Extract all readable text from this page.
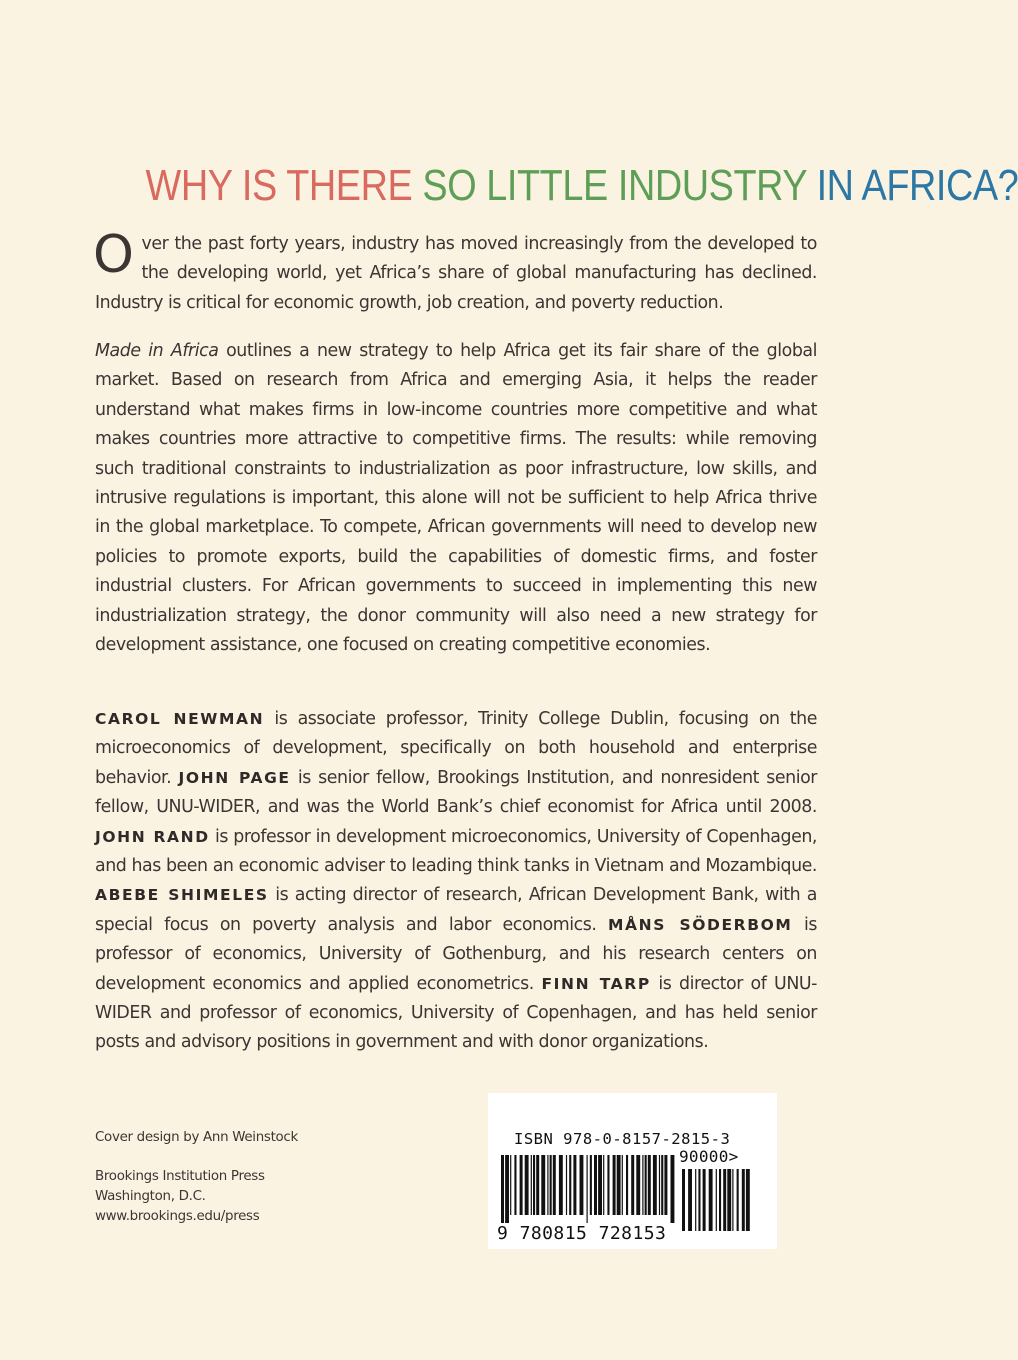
WHY IS THERE SO LITTLE INDUSTRY IN AFRICA?
Over the past forty years, industry has moved increasingly from the developed to the developing world, yet Africa’s share of global manufacturing has declined. Industry is critical for economic growth, job creation, and poverty reduction.
Made in Africa outlines a new strategy to help Africa get its fair share of the global market. Based on research from Africa and emerging Asia, it helps the reader understand what makes firms in low-income countries more competitive and what makes countries more attractive to competitive firms. The results: while removing such traditional constraints to industrialization as poor infrastructure, low skills, and intrusive regulations is important, this alone will not be sufficient to help Africa thrive in the global marketplace. To compete, African governments will need to develop new policies to promote exports, build the capabilities of domestic firms, and foster industrial clusters. For African governments to succeed in implementing this new industrialization strategy, the donor community will also need a new strategy for development assistance, one focused on creating competitive economies.
CAROL NEWMAN is associate professor, Trinity College Dublin, focusing on the microeconomics of development, specifically on both household and enterprise behavior. JOHN PAGE is senior fellow, Brookings Institution, and nonresident senior fellow, UNU-WIDER, and was the World Bank’s chief economist for Africa until 2008. JOHN RAND is professor in development microeconomics, University of Copenhagen, and has been an economic adviser to leading think tanks in Vietnam and Mozambique. ABEBE SHIMELES is acting director of research, African Development Bank, with a special focus on poverty analysis and labor economics. MÅNS SÖDERBOM is professor of economics, University of Gothenburg, and his research centers on development economics and applied econometrics. FINN TARP is director of UNU-WIDER and professor of economics, University of Copenhagen, and has held senior posts and advisory positions in government and with donor organizations.
Cover design by Ann Weinstock
Brookings Institution Press
Washington, D.C.
www.brookings.edu/press
ISBN 978-0-8157-2815-3
9 780815 728153
90000>
